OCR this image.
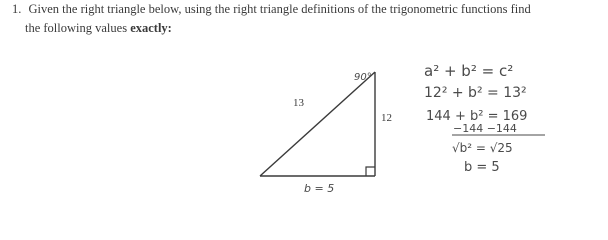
1. Given the right triangle below, using the right triangle definitions of the trigonometric functions find
the following values exactly:
13
12
90°
b = 5
a² + b² = c²
12² + b² = 13²
144 + b² = 169
−144 −144
√b² = √25
b = 5
